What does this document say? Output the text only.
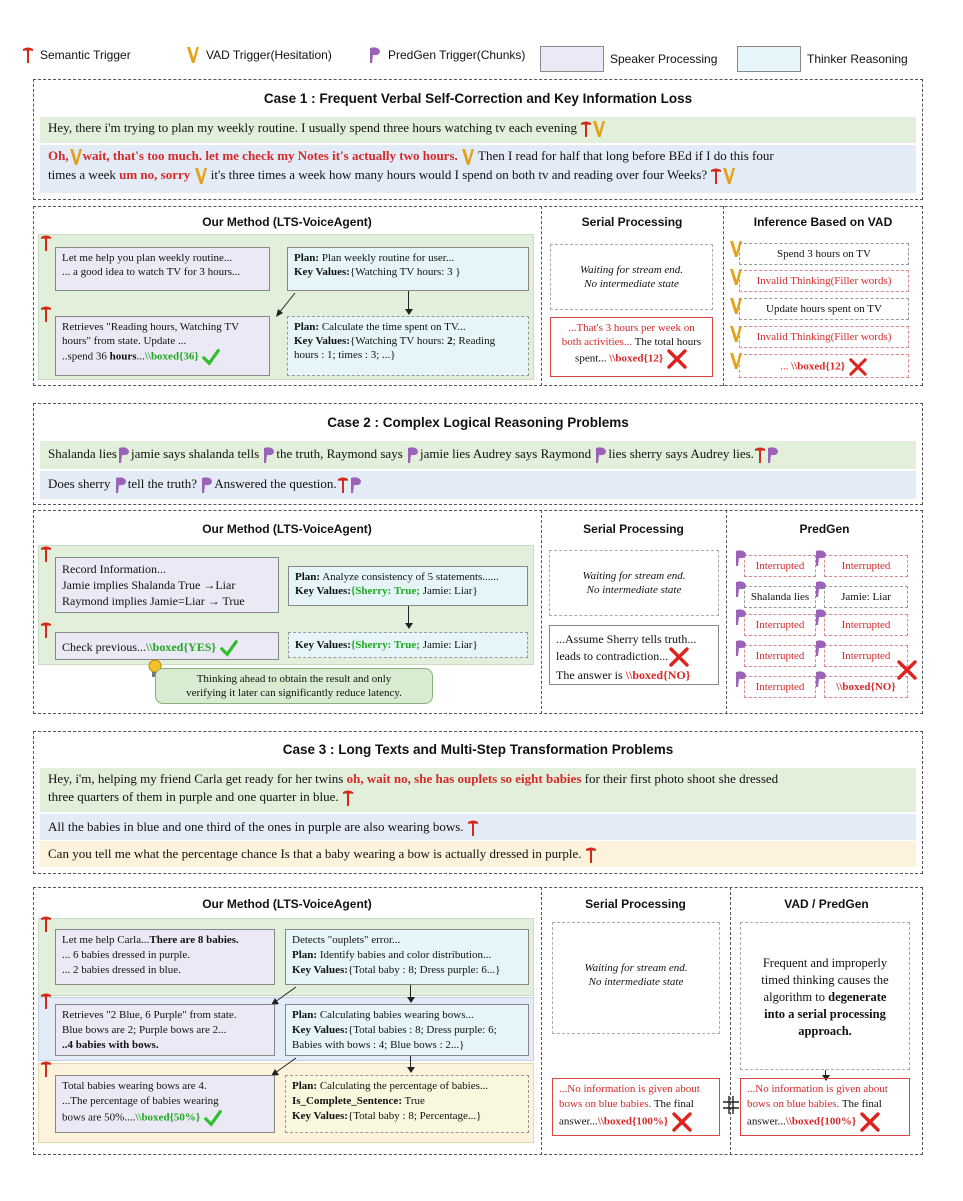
Semantic Trigger	VAD Trigger(Hesitation)	PredGen Trigger(Chunks)	Speaker Processing	Thinker Reasoning
Case 1 : Frequent Verbal Self-Correction and Key Information Loss
Hey, there i'm trying to plan my weekly routine. I usually spend three hours watching tv each evening
Oh, wait, that's too much. let me check my Notes it's actually two hours. Then I read for half that long before BEd if I do this four
times a week um no, sorry it's three times a week how many hours would I spend on both tv and reading over four Weeks?
Our Method (LTS-VoiceAgent)
Let me help you plan weekly routine...
... a good idea to watch TV for 3 hours...
Plan: Plan weekly routine for user...
Key Values:{Watching TV hours: 3 }
Retrieves "Reading hours, Watching TV
hours" from state. Update ...
..spend 36 hours...\\boxed{36}
Plan: Calculate the time spent on TV...
Key Values:{Watching TV hours: 2; Reading
hours : 1; times : 3; ...}
Serial Processing
Waiting for stream end.
No intermediate state
...That's 3 hours per week on
both activities... The total hours
spent... \\boxed{12}
Inference Based on VAD
Spend 3 hours on TV
Invalid Thinking(Filler words)
Update hours spent on TV
Invalid Thinking(Filler words)
... \\boxed{12}
Case 2 : Complex Logical Reasoning Problems
Shalanda lies jamie says shalanda tells the truth, Raymond says jamie lies Audrey says Raymond lies sherry says Audrey lies.
Does sherry tell the truth? Answered the question.
Our Method (LTS-VoiceAgent)
Record Information...
Jamie implies Shalanda True →Liar
Raymond implies Jamie=Liar → True
Plan: Analyze consistency of 5 statements......
Key Values:{Sherry: True; Jamie: Liar}
Check previous...\\boxed{YES}	Key Values:{Sherry: True; Jamie: Liar}
Thinking ahead to obtain the result and only
verifying it later can significantly reduce latency.
Serial Processing
Waiting for stream end.
No intermediate state
...Assume Sherry tells truth...
leads to contradiction...
The answer is \\boxed{NO}
PredGen
Interrupted
Shalanda lies
Interrupted
Interrupted
Interrupted
Interrupted
Jamie: Liar
Interrupted
Interrupted
\\boxed{NO}
Case 3 : Long Texts and Multi-Step Transformation Problems
Hey, i'm, helping my friend Carla get ready for her twins oh, wait no, she has ouplets so eight babies for their first photo shoot she dressed
three quarters of them in purple and one quarter in blue.
All the babies in blue and one third of the ones in purple are also wearing bows.
Can you tell me what the percentage chance Is that a baby wearing a bow is actually dressed in purple.
Our Method (LTS-VoiceAgent)
Let me help Carla...There are 8 babies.
... 6 babies dressed in purple.
... 2 babies dressed in blue.
Detects "ouplets" error...
Plan: Identify babies and color distribution...
Key Values:{Total baby : 8; Dress purple: 6...}
Retrieves "2 Blue, 6 Purple" from state.
Blue bows are 2; Purple bows are 2...
..4 babies with bows.
Plan: Calculating babies wearing bows...
Key Values:{Total babies : 8; Dress purple: 6;
Babies with bows : 4; Blue bows : 2...}
Total babies wearing bows are 4.
...The percentage of babies wearing
bows are 50%....\\boxed{50%}
Plan: Calculating the percentage of babies...
Is_Complete_Sentence: True
Key Values:{Total baby : 8; Percentage...}
Serial Processing
Waiting for stream end.
No intermediate state
...No information is given about
bows on blue babies. The final
answer...\\boxed{100%}
VAD / PredGen
Frequent and improperly
timed thinking causes the
algorithm to degenerate
into a serial processing
approach.
...No information is given about
bows on blue babies. The final
answer...\\boxed{100%}
